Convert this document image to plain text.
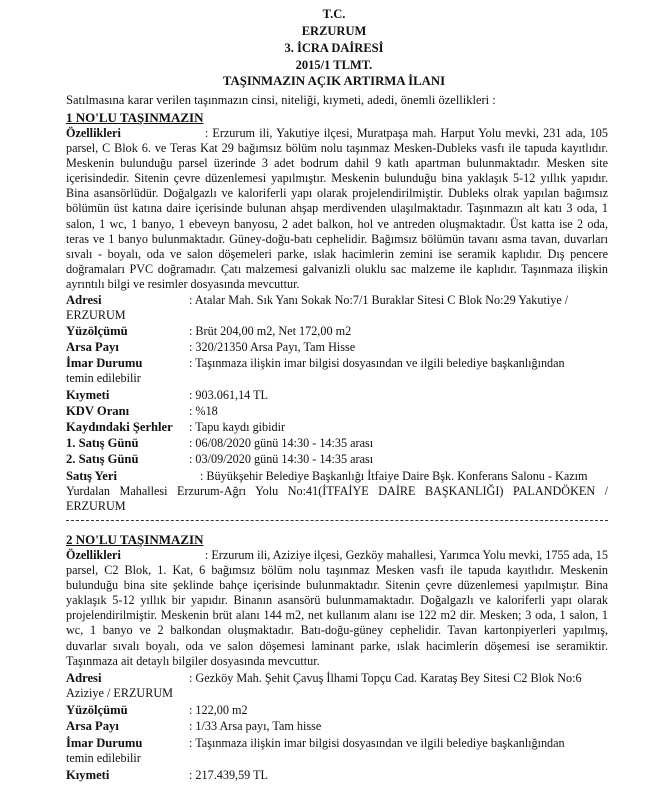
T.C.
ERZURUM
3. İCRA DAİRESİ
2015/1 TLMT.
TAŞINMAZIN AÇIK ARTIRMA İLANI
Satılmasına karar verilen taşınmazın cinsi, niteliği, kıymeti, adedi, önemli özellikleri :
1 NO'LU TAŞINMAZIN
Özellikleri	: Erzurum ili, Yakutiye ilçesi, Muratpaşa mah. Harput Yolu mevki, 231 ada, 105 parsel, C Blok 6. ve Teras Kat 29 bağımsız bölüm nolu taşınmaz Mesken-Dubleks vasfı ile tapuda kayıtlıdır. Meskenin bulunduğu parsel üzerinde 3 adet bodrum dahil 9 katlı apartman bulunmaktadır. Mesken site içerisindedir. Sitenin çevre düzenlemesi yapılmıştır. Meskenin bulunduğu bina yaklaşık 5-12 yıllık yapıdır. Bina asansörlüdür. Doğalgazlı ve kaloriferli yapı olarak projelendirilmiştir. Dubleks olrak yapılan bağımsız bölümün üst katına daire içerisinde bulunan ahşap merdivenden ulaşılmaktadır. Taşınmazın alt katı 3 oda, 1 salon, 1 wc, 1 banyo, 1 ebeveyn banyosu, 2 adet balkon, hol ve antreden oluşmaktadır. Üst katta ise 2 oda, teras ve 1 banyo bulunmaktadır. Güney-doğu-batı cephelidir. Bağımsız bölümün tavanı asma tavan, duvarları sıvalı - boyalı, oda ve salon döşemeleri parke, ıslak hacimlerin zemini ise seramik kaplıdır. Dış pencere doğramaları PVC doğramadır. Çatı malzemesi galvanizli oluklu sac malzeme ile kaplıdır. Taşınmaza ilişkin ayrıntılı bilgi ve resimler dosyasında mevcuttur.
Adresi	: Atalar Mah. Sık Yanı Sokak No:7/1 Buraklar Sitesi C Blok No:29 Yakutiye /
ERZURUM
Yüzölçümü	: Brüt 204,00 m2, Net 172,00 m2
Arsa Payı	: 320/21350 Arsa Payı, Tam Hisse
İmar Durumu	: Taşınmaza ilişkin imar bilgisi dosyasından ve ilgili belediye başkanlığından
temin edilebilir
Kıymeti	: 903.061,14 TL
KDV Oranı	: %18
Kaydındaki Şerhler : Tapu kaydı gibidir
1. Satış Günü	: 06/08/2020 günü 14:30 - 14:35 arası
2. Satış Günü	: 03/09/2020 günü 14:30 - 14:35 arası
Satış Yeri	: Büyükşehir Belediye Başkanlığı İtfaiye Daire Bşk. Konferans Salonu - Kazım
Yurdalan Mahallesi Erzurum-Ağrı Yolu No:41(İTFAİYE DAİRE BAŞKANLIĞI) PALANDÖKEN / ERZURUM
2 NO'LU TAŞINMAZIN
Özellikleri	: Erzurum ili, Aziziye ilçesi, Gezköy mahallesi, Yarımca Yolu mevki, 1755 ada, 15 parsel, C2 Blok, 1. Kat, 6 bağımsız bölüm nolu taşınmaz Mesken vasfı ile tapuda kayıtlıdır. Meskenin bulunduğu bina site şeklinde bahçe içerisinde bulunmaktadır. Sitenin çevre düzenlemesi yapılmıştır. Bina yaklaşık 5-12 yıllık bir yapıdır. Binanın asansörü bulunmamaktadır. Doğalgazlı ve kaloriferli yapı olarak projelendirilmiştir. Meskenin brüt alanı 144 m2, net kullanım alanı ise 122 m2 dir. Mesken; 3 oda, 1 salon, 1 wc, 1 banyo ve 2 balkondan oluşmaktadır. Batı-doğu-güney cephelidir. Tavan kartonpiyerleri yapılmış, duvarlar sıvalı boyalı, oda ve salon döşemesi laminant parke, ıslak hacimlerin döşemesi ise seramiktir. Taşınmaza ait detaylı bilgiler dosyasında mevcuttur.
Adresi	: Gezköy Mah. Şehit Çavuş İlhami Topçu Cad. Karataş Bey Sitesi C2 Blok No:6
Aziziye / ERZURUM
Yüzölçümü	: 122,00 m2
Arsa Payı	: 1/33 Arsa payı, Tam hisse
İmar Durumu	: Taşınmaza ilişkin imar bilgisi dosyasından ve ilgili belediye başkanlığından
temin edilebilir
Kıymeti	: 217.439,59 TL
